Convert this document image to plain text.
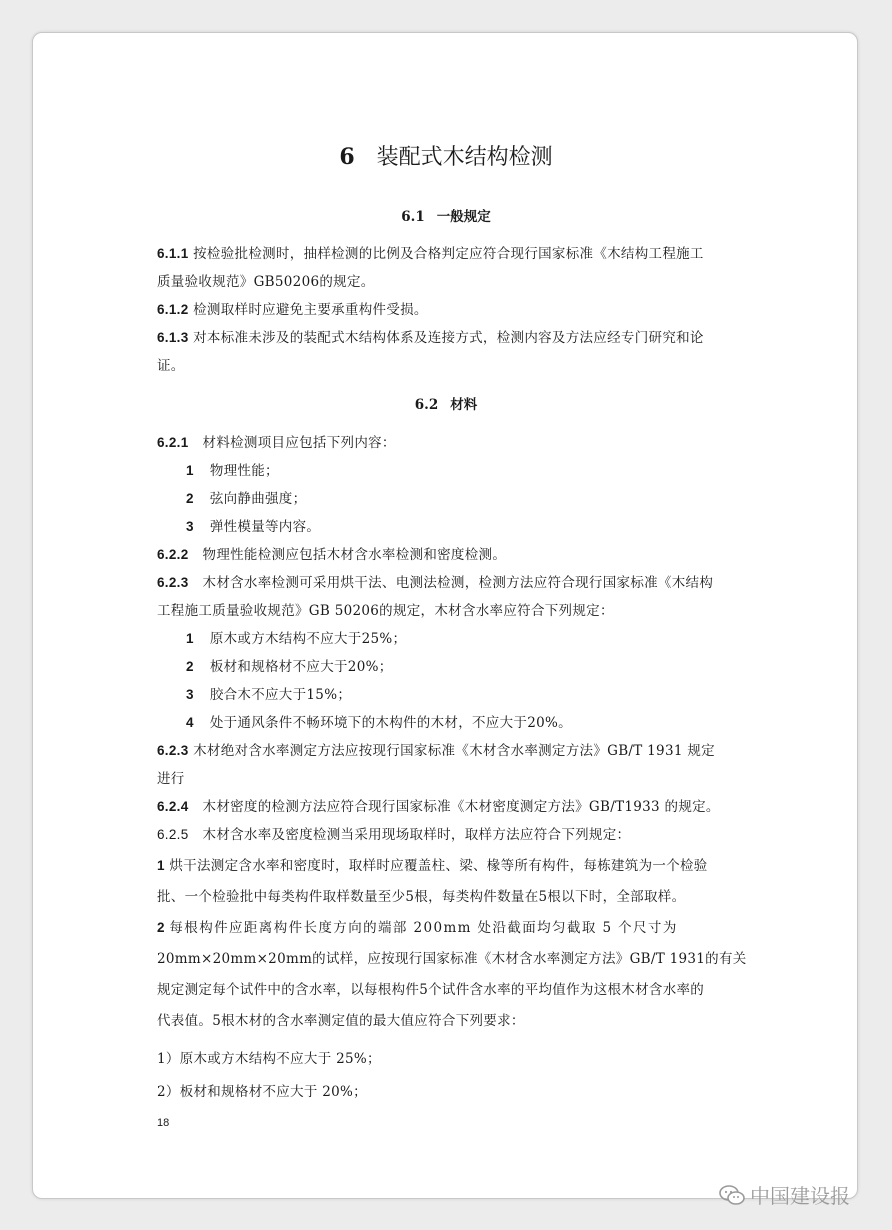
6 装配式木结构检测
6.1 一般规定
6.1.1 按检验批检测时，抽样检测的比例及合格判定应符合现行国家标准《木结构工程施工
质量验收规范》GB50206的规定。
6.1.2 检测取样时应避免主要承重构件受损。
6.1.3 对本标准未涉及的装配式木结构体系及连接方式，检测内容及方法应经专门研究和论
证。
6.2 材料
6.2.1 材料检测项目应包括下列内容：
1 物理性能；
2 弦向静曲强度；
3 弹性模量等内容。
6.2.2 物理性能检测应包括木材含水率检测和密度检测。
6.2.3 木材含水率检测可采用烘干法、电测法检测，检测方法应符合现行国家标准《木结构
工程施工质量验收规范》GB 50206的规定，木材含水率应符合下列规定：
1 原木或方木结构不应大于25%；
2 板材和规格材不应大于20%；
3 胶合木不应大于15%；
4 处于通风条件不畅环境下的木构件的木材，不应大于20%。
6.2.3 木材绝对含水率测定方法应按现行国家标准《木材含水率测定方法》GB/T 1931 规定
进行
6.2.4 木材密度的检测方法应符合现行国家标准《木材密度测定方法》GB/T1933 的规定。
6.2.5 木材含水率及密度检测当采用现场取样时，取样方法应符合下列规定：
1 烘干法测定含水率和密度时，取样时应覆盖柱、梁、椽等所有构件，每栋建筑为一个检验
批、一个检验批中每类构件取样数量至少5根，每类构件数量在5根以下时，全部取样。
2 每根构件应距离构件长度方向的端部 200mm 处沿截面均匀截取 5 个尺寸为
20mm×20mm×20mm的试样，应按现行国家标准《木材含水率测定方法》GB/T 1931的有关
规定测定每个试件中的含水率，以每根构件5个试件含水率的平均值作为这根木材含水率的
代表值。5根木材的含水率测定值的最大值应符合下列要求：
1）原木或方木结构不应大于 25%；
2）板材和规格材不应大于 20%；
18
中国建设报
